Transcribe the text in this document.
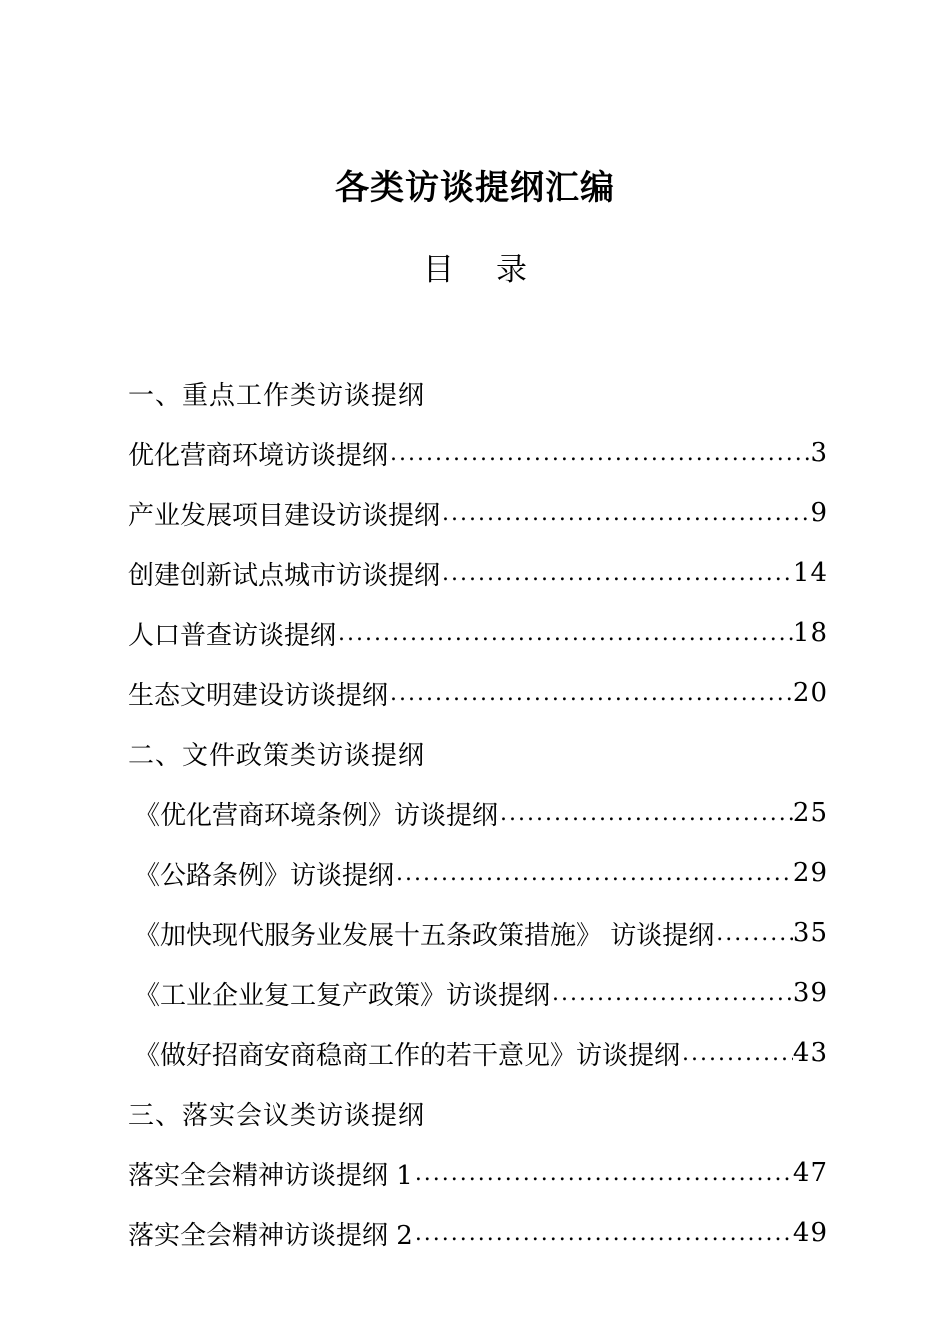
各类访谈提纲汇编
目 录
一、重点工作类访谈提纲
优化营商环境访谈提纲 .....	3
产业发展项目建设访谈提纲 .....	9
创建创新试点城市访谈提纲 .....	14
人口普查访谈提纲 .....	18
生态文明建设访谈提纲 .....	20
二、文件政策类访谈提纲
《优化营商环境条例》访谈提纲 .....	25
《公路条例》访谈提纲 .....	29
《加快现代服务业发展十五条政策措施》 访谈提纲 .....	35
《工业企业复工复产政策》访谈提纲 .....	39
《做好招商安商稳商工作的若干意见》访谈提纲 .....	43
三、落实会议类访谈提纲
落实全会精神访谈提纲 1 .....	47
落实全会精神访谈提纲 2 .....	49
